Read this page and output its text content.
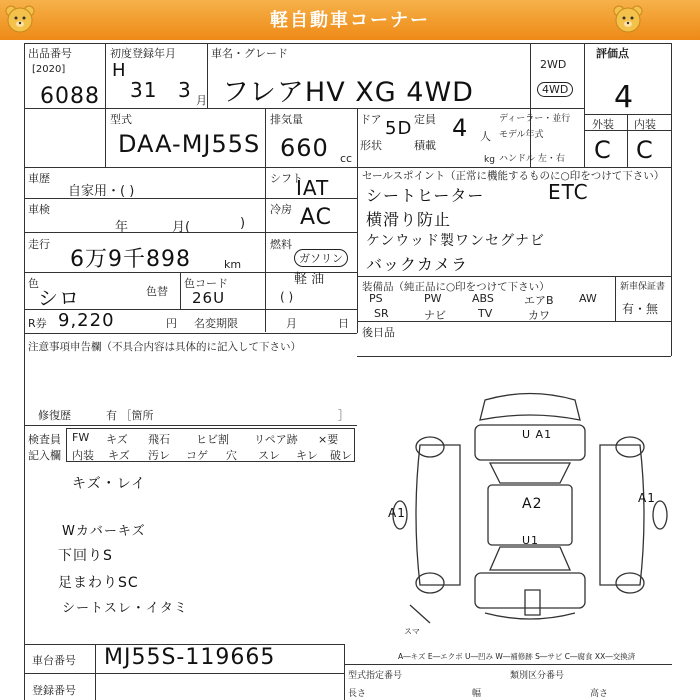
軽自動車コーナー
出品番号
[2020]
6088
初度登録年月
H
31 3 月
車名・グレード
フレアHV XG 4WD
2WD
4WD
評価点
4
外装 内装
C C
型式
DAA-MJ55S
排気量
660 cc
ドア 5D
形状
定員 4 人
積載
kg
ディーラー・並行
モデル年式
ハンドル 左・右
車歴
自家用・( )
シフト
IAT
車検
年	月(	)
冷房 AC
走行
6万9千898	km
燃料
ガソリン
軽 油
( )
色
シロ	色替
色コード
26U
R券 9,220	円 名変期限	月	日
注意事項申告欄（不具合内容は具体的に記入して下さい）
修復歴	有 ［箇所	］
セールスポイント（正常に機能するものに○印をつけて下さい）
シートヒーター	ETC
横滑り防止
ケンウッド製ワンセグナビ
バックカメラ
装備品（純正品に○印をつけて下さい）
PS	PW	ABS	エアB AW
SR	ナビ	TV	カワ
新車保証書
有・無
後日品
検査員
記入欄
FW キズ 飛石 ヒビ割 リペア跡 ×要
内装 キズ 汚レ コゲ 穴 スレ キレ 破レ
キズ・レイ
Wカバーキズ
下回りS
足まわりSC
シートスレ・イタミ
U A1
A1
A2	A1
U1
スマ
A―キズ E―エクボ U―凹み W―補修跡 S―サビ C―腐食 XX―交換済
車台番号 MJ55S-119665
登録番号
型式指定番号	類別区分番号
長さ	幅	高さ
